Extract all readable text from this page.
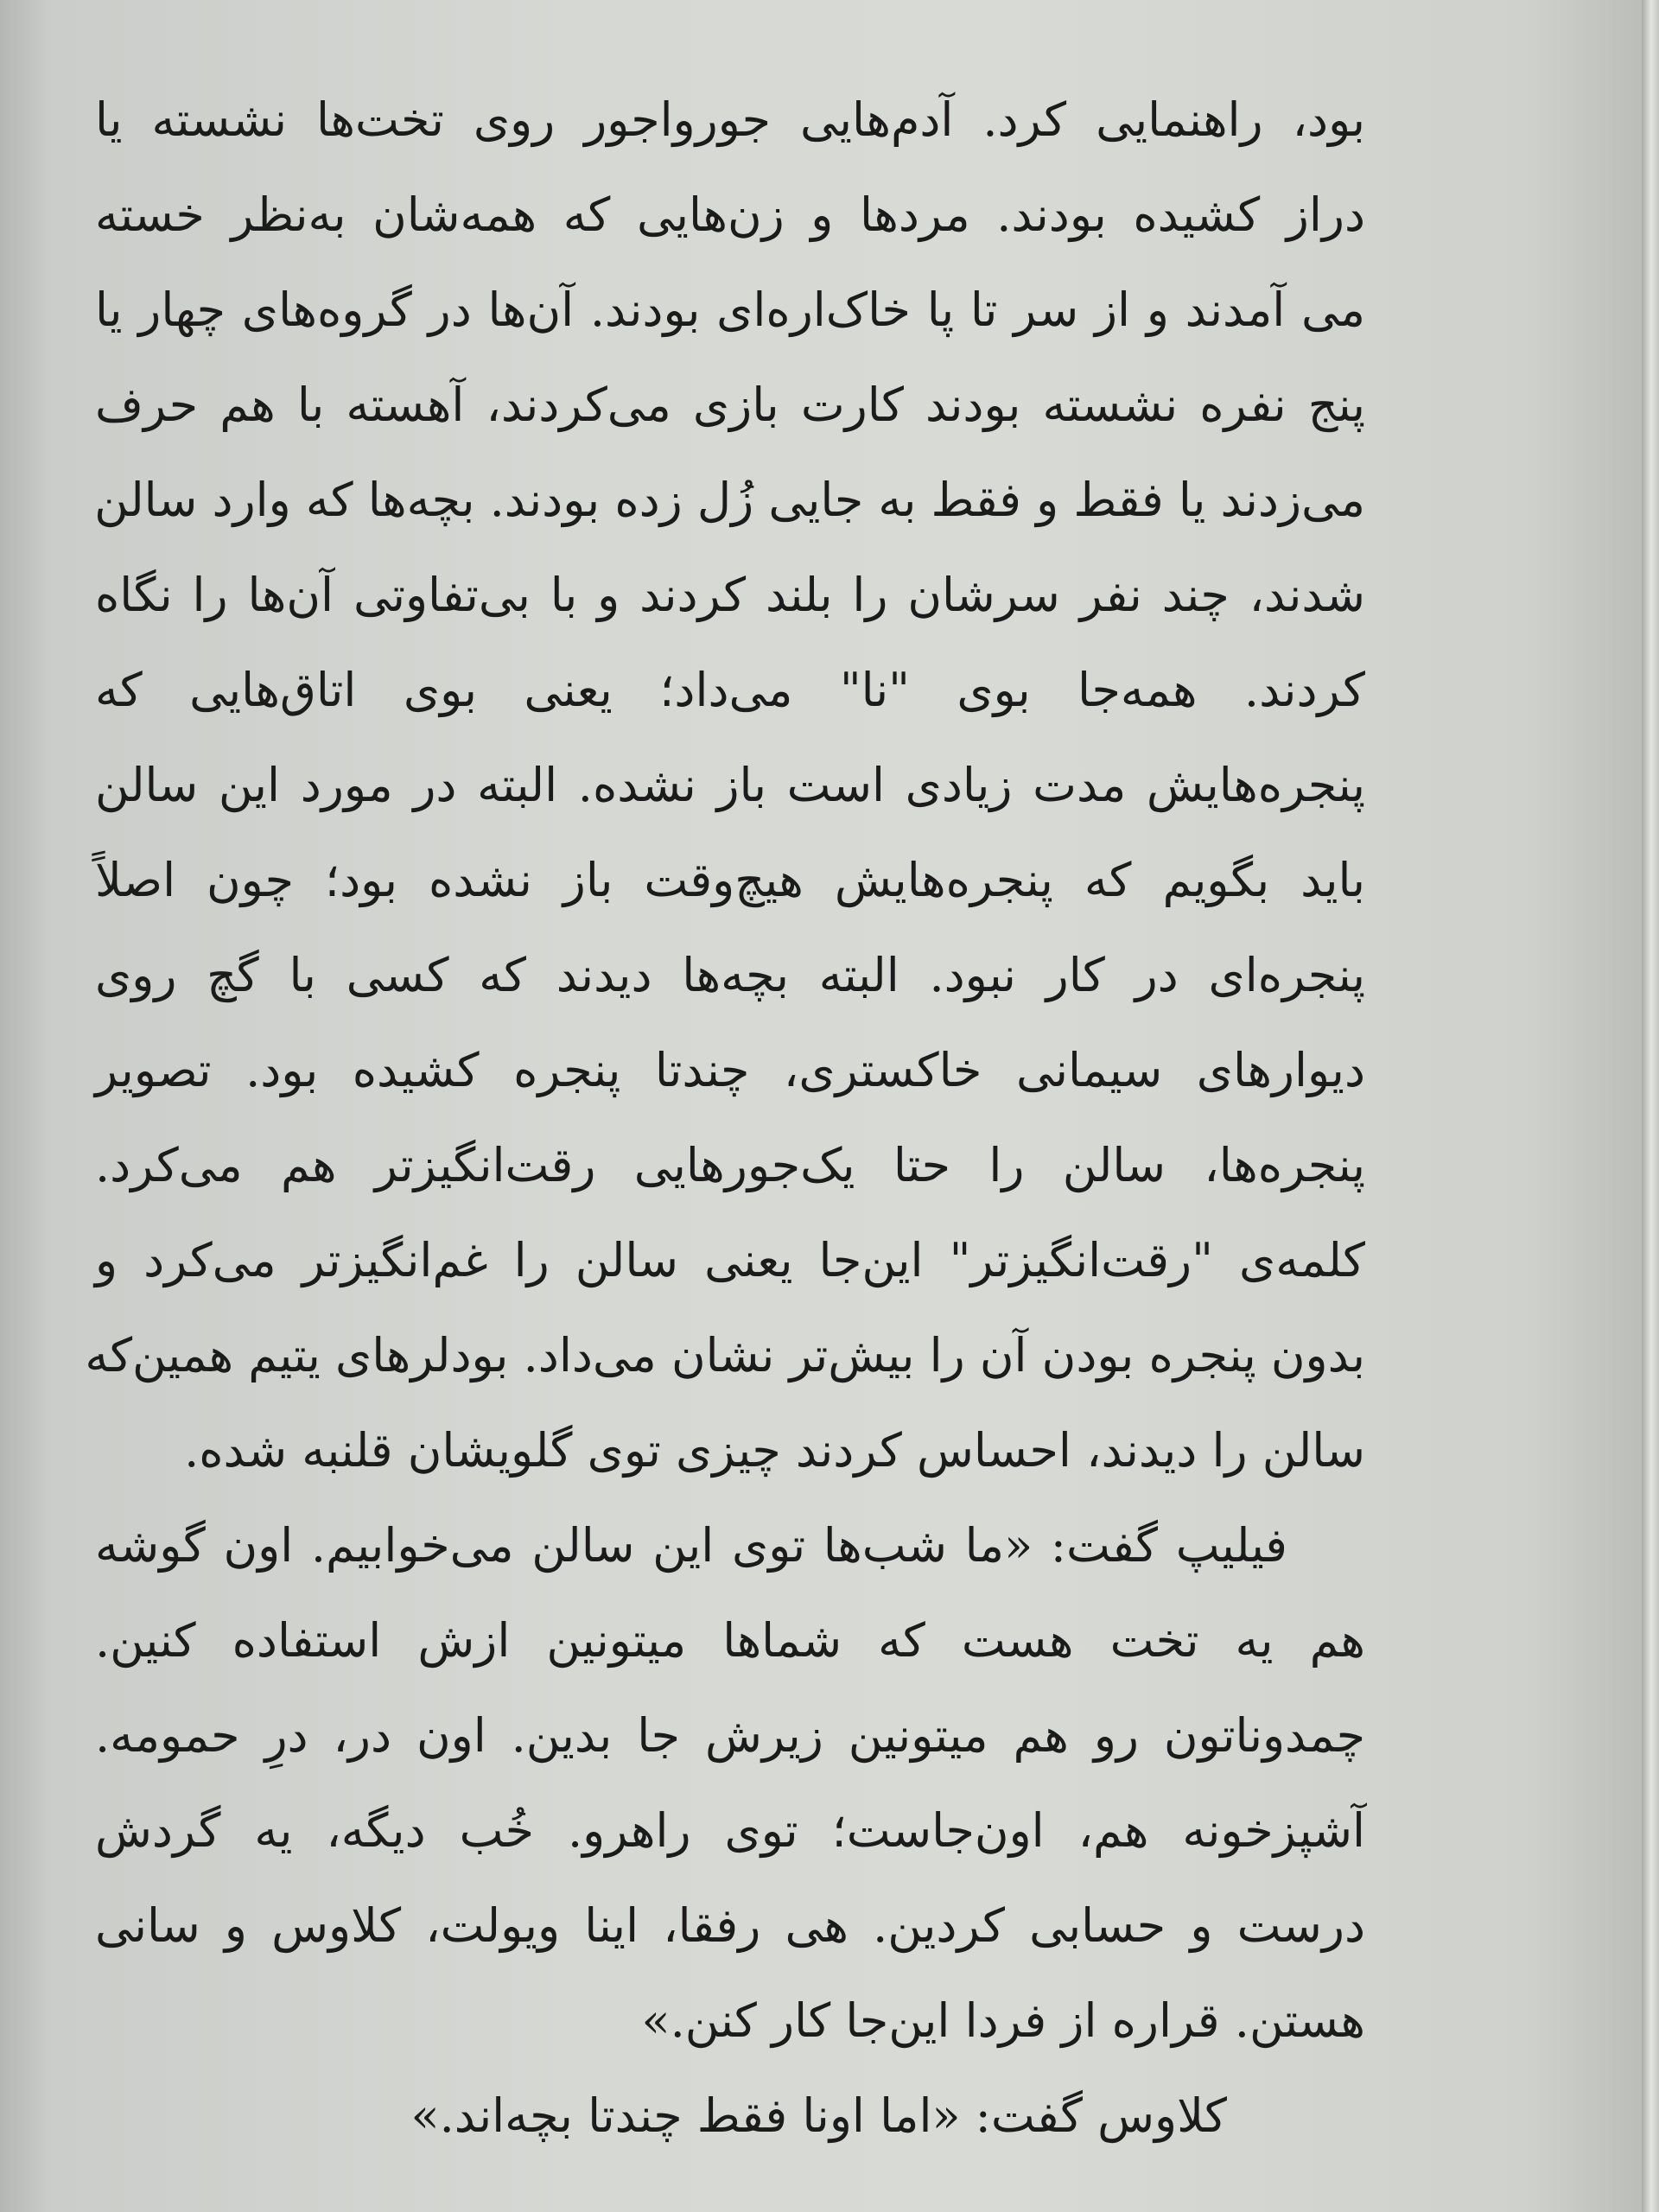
بود، راهنمایی کرد. آدم‌هایی جورواجور روی تخت‌ها نشسته یا
دراز کشیده بودند. مردها و زن‌هایی که همه‌شان به‌نظر خسته
می آمدند و از سر تا پا خاک‌اره‌ای بودند. آن‌ها در گروه‌های چهار یا
پنج نفره نشسته بودند کارت بازی می‌کردند، آهسته با هم حرف
می‌زدند یا فقط و فقط به جایی زُل زده بودند. بچه‌ها که وارد سالن
شدند، چند نفر سرشان را بلند کردند و با بی‌تفاوتی آن‌ها را نگاه
کردند. همه‌جا بوی "نا" می‌داد؛ یعنی بوی اتاق‌هایی که
پنجره‌هایش مدت زیادی است باز نشده. البته در مورد این سالن
باید بگویم که پنجره‌هایش هیچ‌وقت باز نشده بود؛ چون اصلاً
پنجره‌ای در کار نبود. البته بچه‌ها دیدند که کسی با گچ روی
دیوارهای سیمانی خاکستری، چندتا پنجره کشیده بود. تصویر
پنجره‌ها، سالن را حتا یک‌جورهایی رقت‌انگیزتر هم می‌کرد.
کلمه‌ی "رقت‌انگیزتر" این‌جا یعنی سالن را غم‌انگیزتر می‌کرد و
بدون پنجره بودن آن را بیش‌تر نشان می‌داد. بودلرهای یتیم همین‌که
سالن را دیدند، احساس کردند چیزی توی گلویشان قلنبه شده.
فیلیپ گفت: «ما شب‌ها توی این سالن می‌خوابیم. اون گوشه
هم یه تخت هست که شماها میتونین ازش استفاده کنین.
چمدوناتون رو هم میتونین زیرش جا بدین. اون در، درِ حمومه.
آشپزخونه هم، اون‌جاست؛ توی راهرو. خُب دیگه، یه گردش
درست و حسابی کردین. هی رفقا، اینا ویولت، کلاوس و سانی
هستن. قراره از فردا این‌جا کار کنن.»
کلاوس گفت: «اما اونا فقط چندتا بچه‌اند.»
